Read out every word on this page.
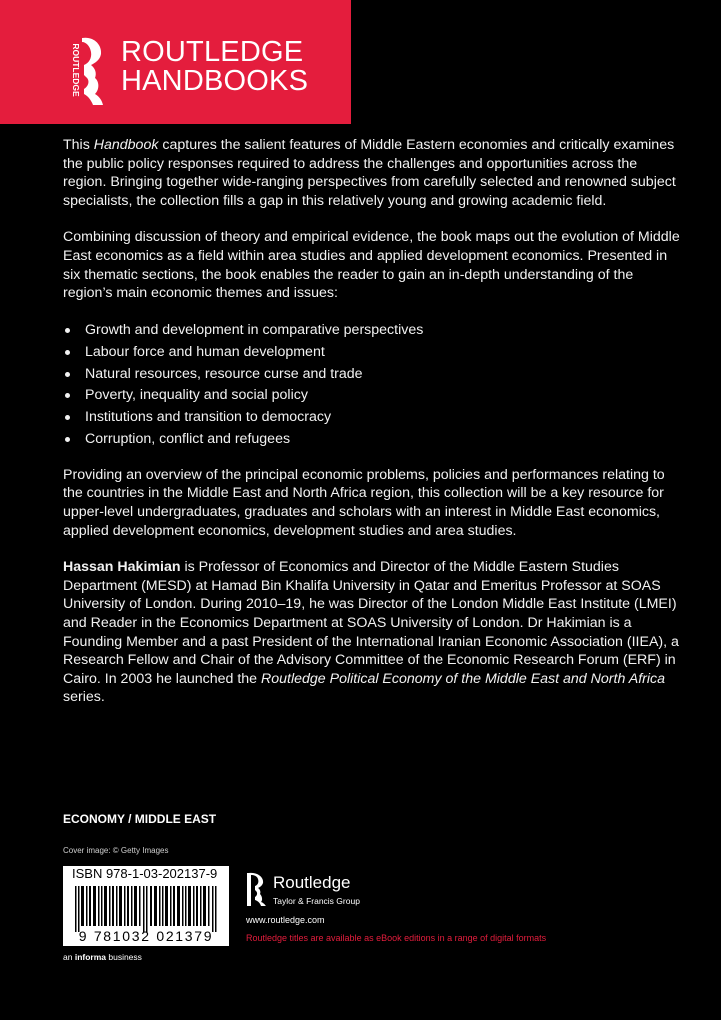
ROUTLEDGE ROUTLEDGE
HANDBOOKS

This Handbook captures the salient features of Middle Eastern economies and critically examines the public policy responses required to address the challenges and opportunities across the region. Bringing together wide-ranging perspectives from carefully selected and renowned subject specialists, the collection fills a gap in this relatively young and growing academic field.

Combining discussion of theory and empirical evidence, the book maps out the evolution of Middle East economics as a field within area studies and applied development economics. Presented in six thematic sections, the book enables the reader to gain an in-depth understanding of the region’s main economic themes and issues:

Growth and development in comparative perspectives
Labour force and human development
Natural resources, resource curse and trade
Poverty, inequality and social policy
Institutions and transition to democracy
Corruption, conflict and refugees

Providing an overview of the principal economic problems, policies and performances relating to the countries in the Middle East and North Africa region, this collection will be a key resource for upper-level undergraduates, graduates and scholars with an interest in Middle East economics, applied development economics, development studies and area studies.

Hassan Hakimian is Professor of Economics and Director of the Middle Eastern Studies Department (MESD) at Hamad Bin Khalifa University in Qatar and Emeritus Professor at SOAS University of London. During 2010–19, he was Director of the London Middle East Institute (LMEI) and Reader in the Economics Department at SOAS University of London. Dr Hakimian is a Founding Member and a past President of the International Iranian Economic Association (IIEA), a Research Fellow and Chair of the Advisory Committee of the Economic Research Forum (ERF) in Cairo. In 2003 he launched the Routledge Political Economy of the Middle East and North Africa series.

ECONOMY / MIDDLE EAST
Cover image: © Getty Images
ISBN 978-1-03-202137-9
9 781032 021379
an informa business
Routledge
Taylor & Francis Group
www.routledge.com
Routledge titles are available as eBook editions in a range of digital formats
